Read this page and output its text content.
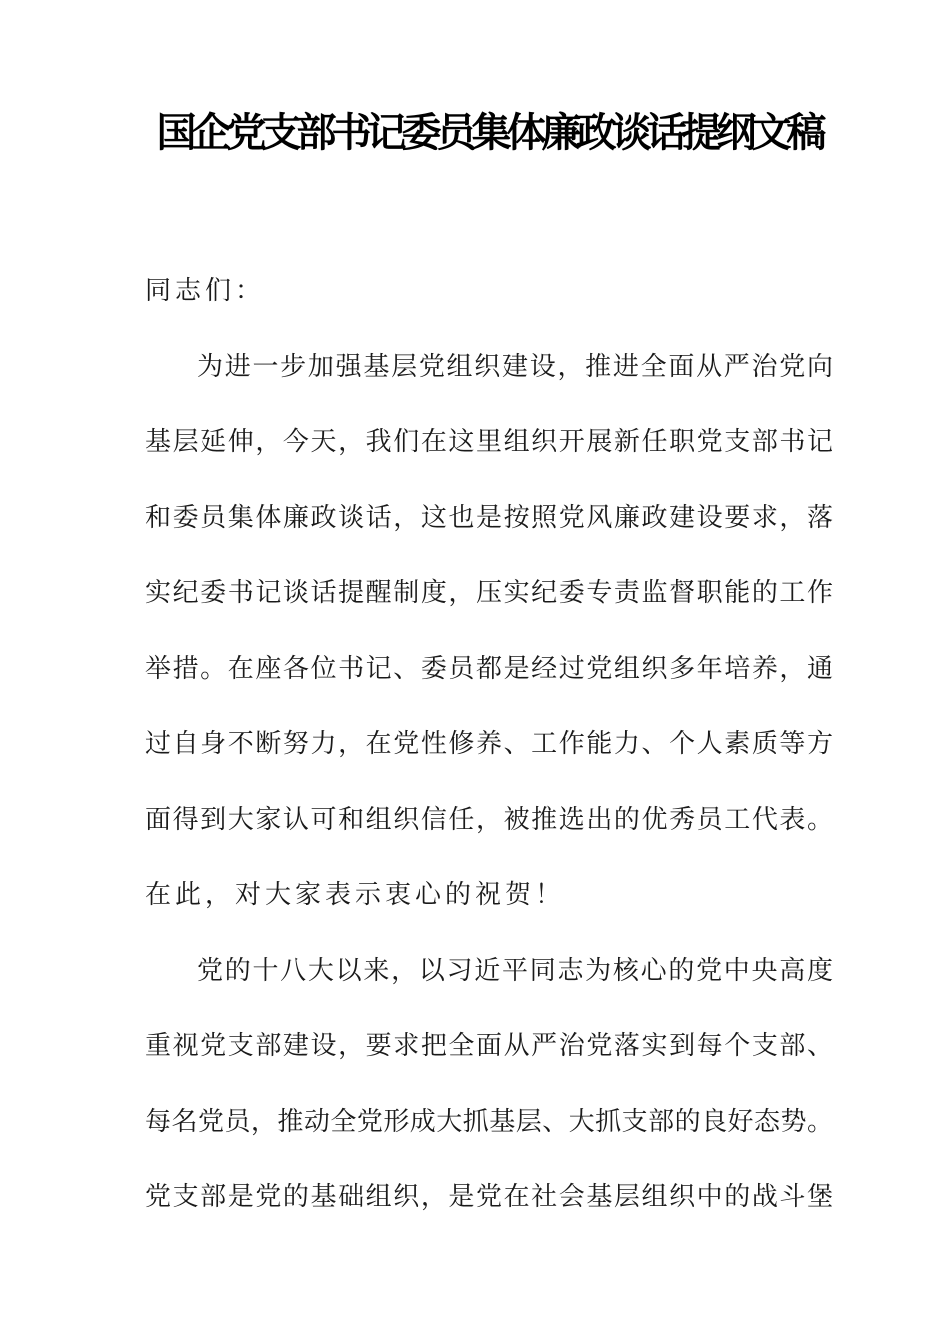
国企党支部书记委员集体廉政谈话提纲文稿
同志们：
为进一步加强基层党组织建设，推进全面从严治党向
基层延伸，今天，我们在这里组织开展新任职党支部书记
和委员集体廉政谈话，这也是按照党风廉政建设要求，落
实纪委书记谈话提醒制度，压实纪委专责监督职能的工作
举措。在座各位书记、委员都是经过党组织多年培养，通
过自身不断努力，在党性修养、工作能力、个人素质等方
面得到大家认可和组织信任，被推选出的优秀员工代表。
在此，对大家表示衷心的祝贺！
党的十八大以来，以习近平同志为核心的党中央高度
重视党支部建设，要求把全面从严治党落实到每个支部、
每名党员，推动全党形成大抓基层、大抓支部的良好态势。
党支部是党的基础组织，是党在社会基层组织中的战斗堡
